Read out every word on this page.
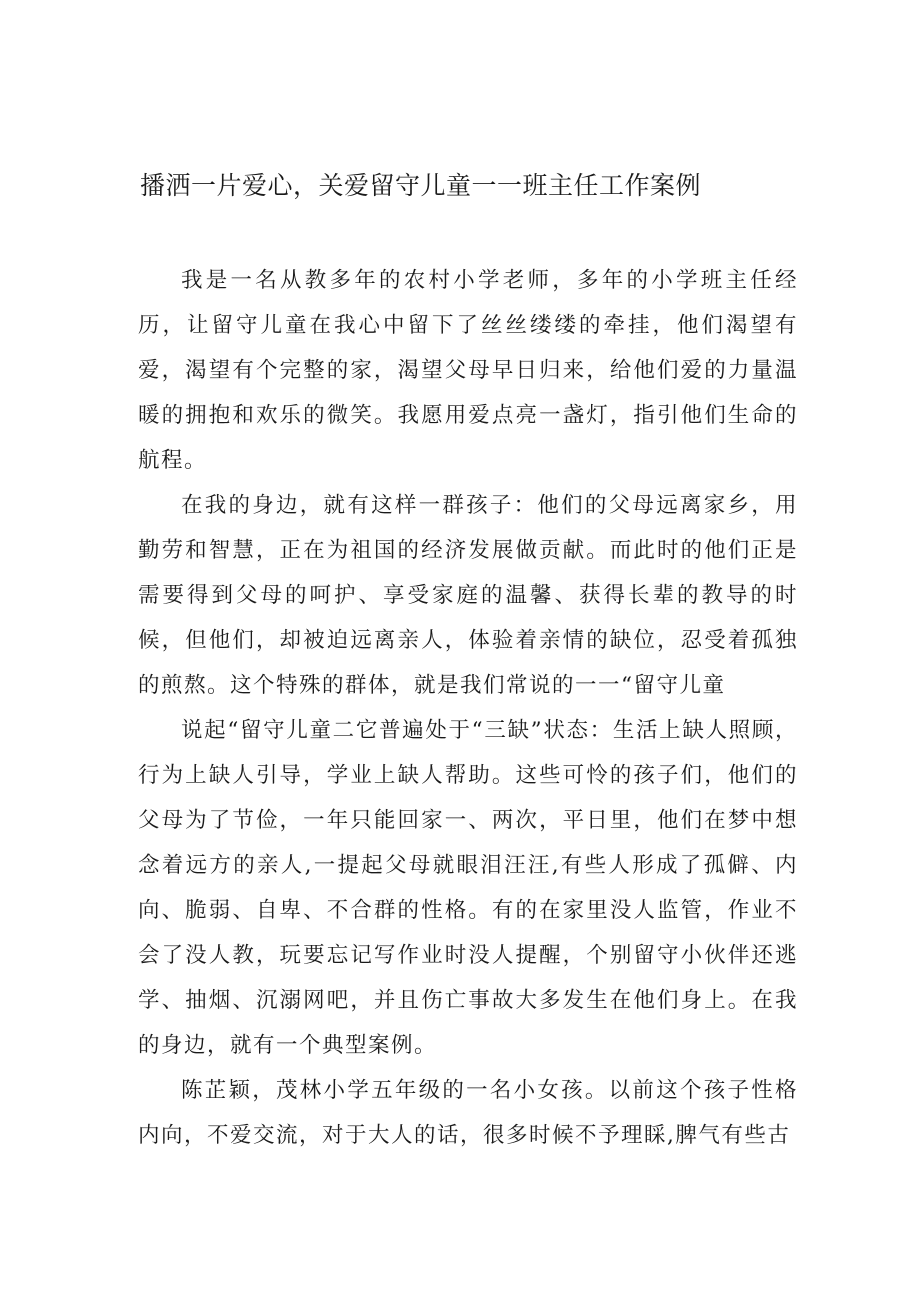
播洒一片爱心，关爱留守儿童一一班主任工作案例

我是一名从教多年的农村小学老师，多年的小学班主任经历，让留守儿童在我心中留下了丝丝缕缕的牵挂，他们渴望有爱，渴望有个完整的家，渴望父母早日归来，给他们爱的力量温暖的拥抱和欢乐的微笑。我愿用爱点亮一盏灯，指引他们生命的航程。

在我的身边，就有这样一群孩子：他们的父母远离家乡，用勤劳和智慧，正在为祖国的经济发展做贡献。而此时的他们正是需要得到父母的呵护、享受家庭的温馨、获得长辈的教导的时候，但他们，却被迫远离亲人，体验着亲情的缺位，忍受着孤独的煎熬。这个特殊的群体，就是我们常说的一一“留守儿童

说起“留守儿童二它普遍处于“三缺”状态：生活上缺人照顾，行为上缺人引导，学业上缺人帮助。这些可怜的孩子们，他们的父母为了节俭，一年只能回家一、两次，平日里，他们在梦中想念着远方的亲人,一提起父母就眼泪汪汪,有些人形成了孤僻、内向、脆弱、自卑、不合群的性格。有的在家里没人监管，作业不会了没人教，玩要忘记写作业时没人提醒，个别留守小伙伴还逃学、抽烟、沉溺网吧，并且伤亡事故大多发生在他们身上。在我的身边，就有一个典型案例。

陈芷颖，茂林小学五年级的一名小女孩。以前这个孩子性格内向，不爱交流，对于大人的话，很多时候不予理睬,脾气有些古
